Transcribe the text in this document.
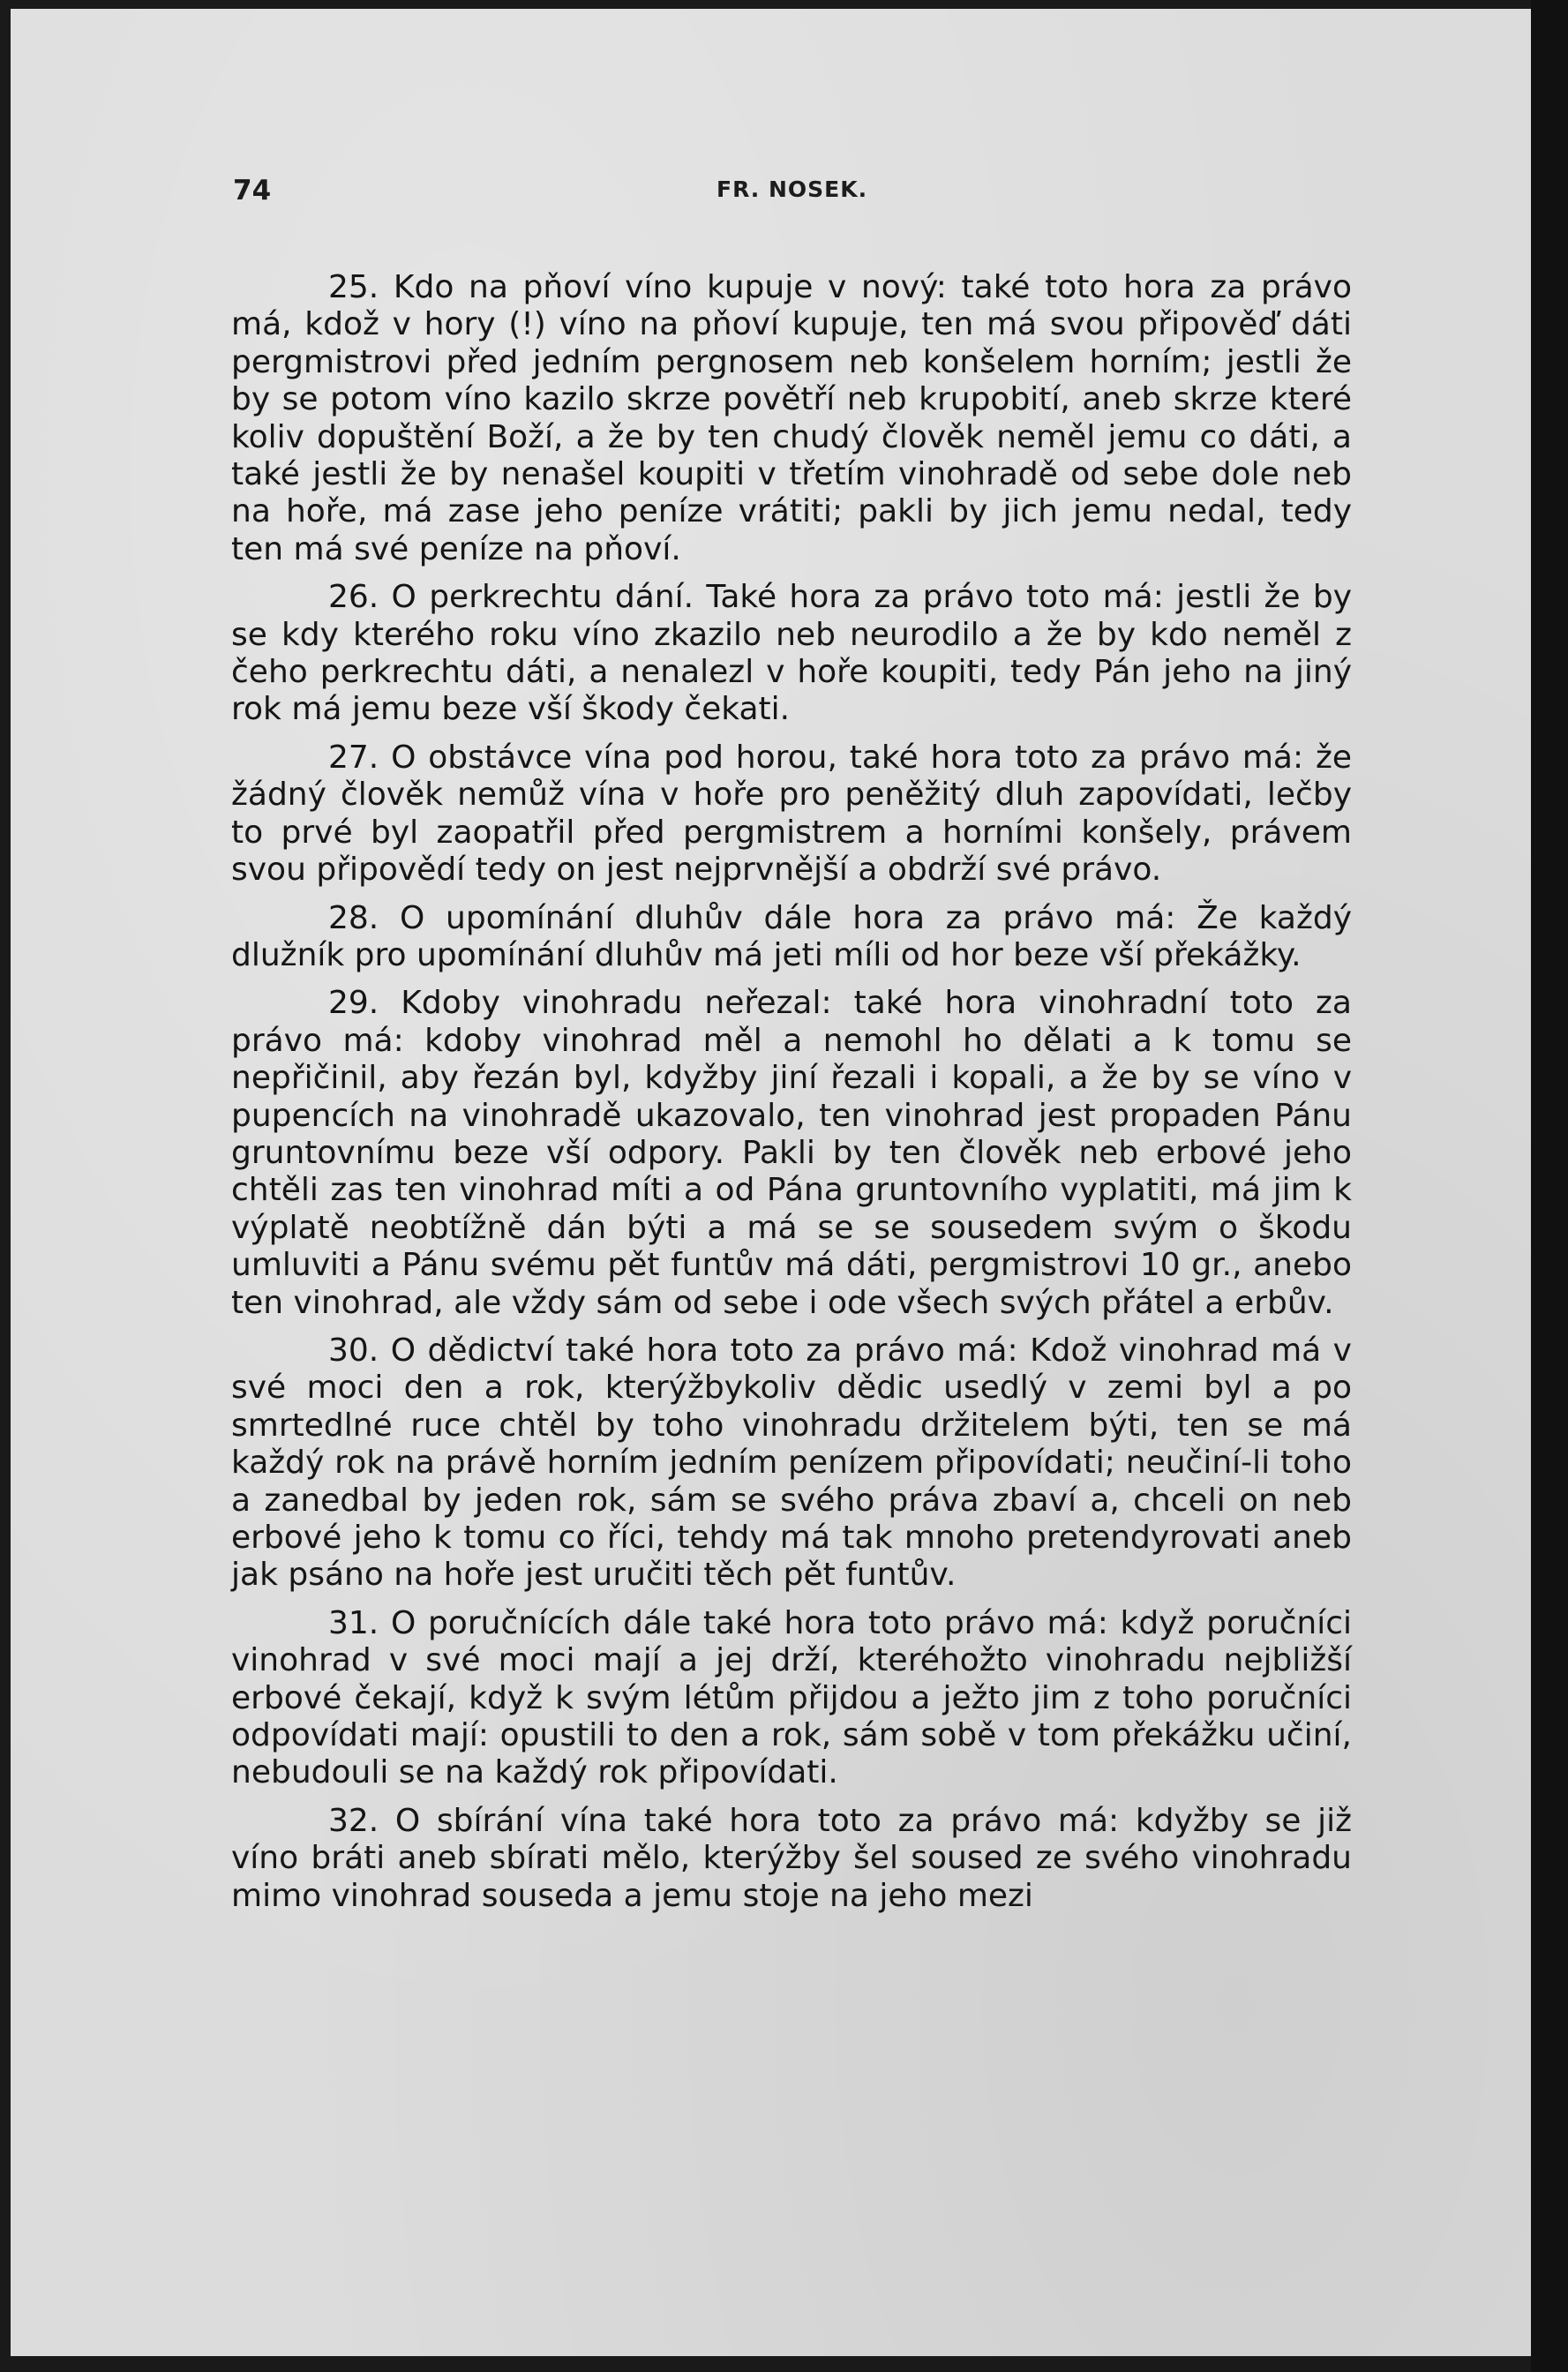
74	FR. NOSEK.

25. Kdo na pňoví víno kupuje v nový: také toto hora za právo má, kdož v hory (!) víno na pňoví kupuje, ten má svou připověď dáti pergmistrovi před jedním pergnosem neb konšelem horním; jestli že by se potom víno kazilo skrze povětří neb krupobití, aneb skrze které koliv dopuštění Boží, a že by ten chudý člověk neměl jemu co dáti, a také jestli že by nenašel koupiti v třetím vinohradě od sebe dole neb na hoře, má zase jeho peníze vrátiti; pakli by jich jemu nedal, tedy ten má své peníze na pňoví.

26. O perkrechtu dání. Také hora za právo toto má: jestli že by se kdy kterého roku víno zkazilo neb neurodilo a že by kdo neměl z čeho perkrechtu dáti, a nenalezl v hoře koupiti, tedy Pán jeho na jiný rok má jemu beze vší škody čekati.

27. O obstávce vína pod horou, také hora toto za právo má: že žádný člověk nemůž vína v hoře pro peněžitý dluh zapovídati, lečby to prvé byl zaopatřil před pergmistrem a horními konšely, právem svou připovědí tedy on jest nejprvnější a obdrží své právo.

28. O upomínání dluhův dále hora za právo má: Že každý dlužník pro upomínání dluhův má jeti míli od hor beze vší překážky.

29. Kdoby vinohradu neřezal: také hora vinohradní toto za právo má: kdoby vinohrad měl a nemohl ho dělati a k tomu se nepřičinil, aby řezán byl, kdyžby jiní řezali i kopali, a že by se víno v pupencích na vinohradě ukazovalo, ten vinohrad jest propaden Pánu gruntovnímu beze vší odpory. Pakli by ten člověk neb erbové jeho chtěli zas ten vinohrad míti a od Pána gruntovního vyplatiti, má jim k výplatě neobtížně dán býti a má se se sousedem svým o škodu umluviti a Pánu svému pět funtův má dáti, pergmistrovi 10 gr., anebo ten vinohrad, ale vždy sám od sebe i ode všech svých přátel a erbův.

30. O dědictví také hora toto za právo má: Kdož vinohrad má v své moci den a rok, kterýžbykoliv dědic usedlý v zemi byl a po smrtedlné ruce chtěl by toho vinohradu držitelem býti, ten se má každý rok na právě horním jedním penízem připovídati; neučiní-li toho a zanedbal by jeden rok, sám se svého práva zbaví a, chceli on neb erbové jeho k tomu co říci, tehdy má tak mnoho pretendyrovati aneb jak psáno na hoře jest uručiti těch pět funtův.

31. O poručnících dále také hora toto právo má: když poručníci vinohrad v své moci mají a jej drží, kteréhožto vinohradu nejbližší erbové čekají, když k svým létům přijdou a ježto jim z toho poručníci odpovídati mají: opustili to den a rok, sám sobě v tom překážku učiní, nebudouli se na každý rok připovídati.

32. O sbírání vína také hora toto za právo má: kdyžby se již víno bráti aneb sbírati mělo, kterýžby šel soused ze svého vinohradu mimo vinohrad souseda a jemu stoje na jeho mezi
